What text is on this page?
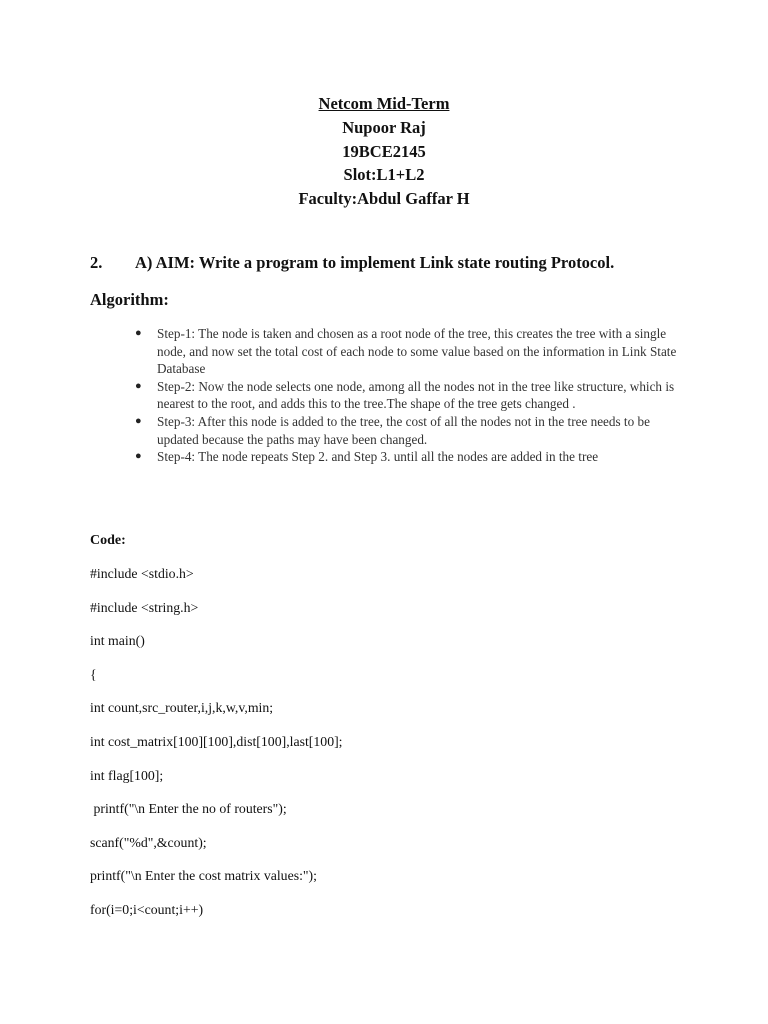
Netcom Mid-Term
Nupoor Raj
19BCE2145
Slot:L1+L2
Faculty:Abdul Gaffar H
2. A) AIM: Write a program to implement Link state routing Protocol.
Algorithm:
● Step-1: The node is taken and chosen as a root node of the tree, this creates the tree with a single node, and now set the total cost of each node to some value based on the information in Link State Database
● Step-2: Now the node selects one node, among all the nodes not in the tree like structure, which is nearest to the root, and adds this to the tree.The shape of the tree gets changed .
● Step-3: After this node is added to the tree, the cost of all the nodes not in the tree needs to be updated because the paths may have been changed.
● Step-4: The node repeats Step 2. and Step 3. until all the nodes are added in the tree
Code:
#include <stdio.h>
#include <string.h>
int main()
{
int count,src_router,i,j,k,w,v,min;
int cost_matrix[100][100],dist[100],last[100];
int flag[100];
printf("\n Enter the no of routers");
scanf("%d",&count);
printf("\n Enter the cost matrix values:");
for(i=0;i<count;i++)
